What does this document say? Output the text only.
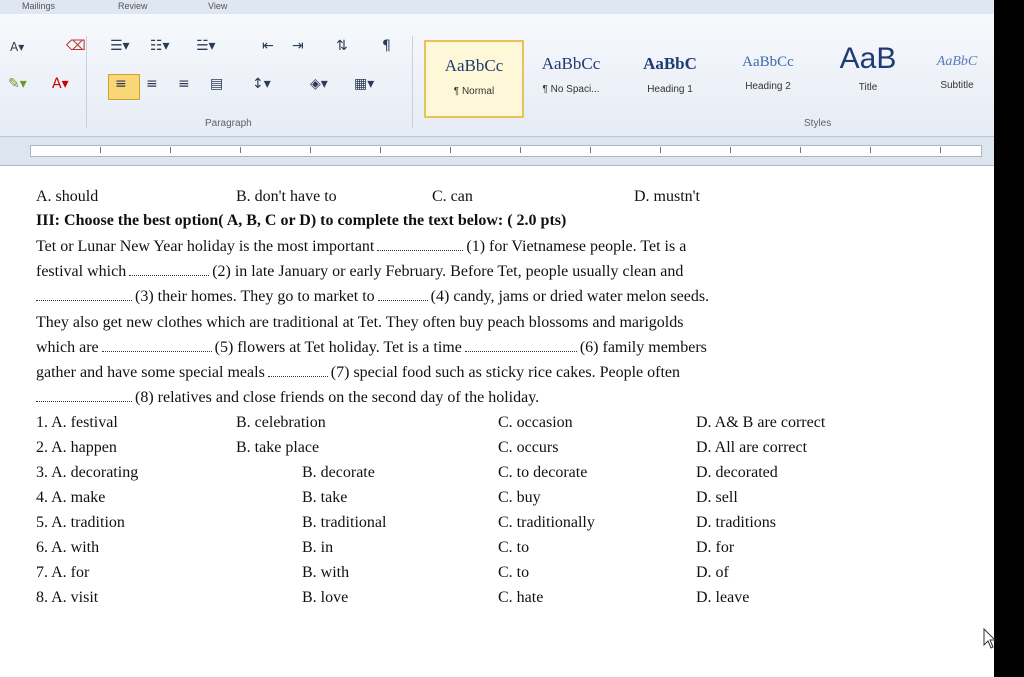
Mailings	Review	View
A▾	⌫
✎▾ A▾
☰▾ ☷▾ ☱▾	⇤ ⇥ ⇅ ¶
≡ ≡ ≡ ▤ ↕▾	◈▾ ▦▾
Paragraph
AaBbCc
¶ Normal
AaBbCc
¶ No Spaci...
AaBbC
Heading 1
AaBbCc
Heading 2
AaB
Title
AaBbC
Subtitle
Styles
A. should	B. don't have to	C. can	D. mustn't
III: Choose the best option( A, B, C or D) to complete the text below: ( 2.0 pts)
Tet or Lunar New Year holiday is the most important	(1) for Vietnamese people. Tet is a
festival which	(2) in late January or early February. Before Tet, people usually clean and
(3) their homes. They go to market to	(4) candy, jams or dried water melon seeds.
They also get new clothes which are traditional at Tet. They often buy peach blossoms and marigolds
which are	(5) flowers at Tet holiday. Tet is a time	(6) family members
gather and have some special meals	(7) special food such as sticky rice cakes. People often
(8) relatives and close friends on the second day of the holiday.
1. A. festival	B. celebration	C. occasion	D. A& B are correct
2. A. happen	B. take place	C. occurs	D. All are correct
3. A. decorating	B. decorate	C. to decorate	D. decorated
4. A. make	B. take	C. buy	D. sell
5. A. tradition	B. traditional	C. traditionally	D. traditions
6. A. with	B. in	C. to	D. for
7. A. for	B. with	C. to	D. of
8. A. visit	B. love	C. hate	D. leave
